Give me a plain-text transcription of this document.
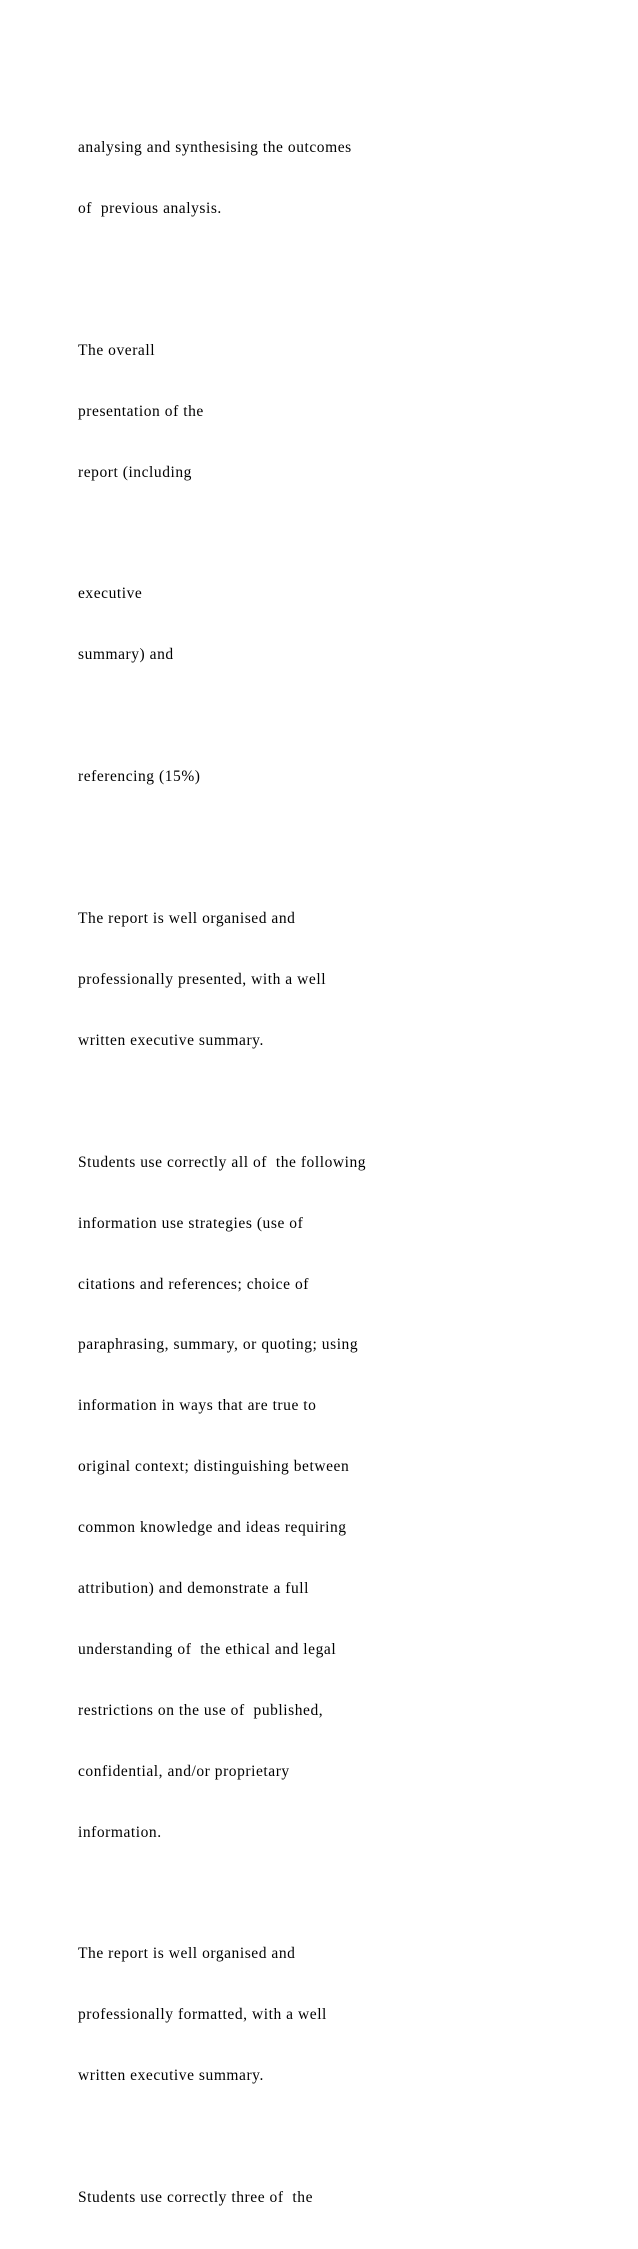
analysing and synthesising the outcomes

of  previous analysis.

The overall

presentation of the

report (including

executive

summary) and

referencing (15%)

The report is well organised and

professionally presented, with a well

written executive summary.

Students use correctly all of  the following

information use strategies (use of

citations and references; choice of

paraphrasing, summary, or quoting; using

information in ways that are true to

original context; distinguishing between

common knowledge and ideas requiring

attribution) and demonstrate a full

understanding of  the ethical and legal

restrictions on the use of  published,

confidential, and/or proprietary

information.

The report is well organised and

professionally formatted, with a well

written executive summary.

Students use correctly three of  the
